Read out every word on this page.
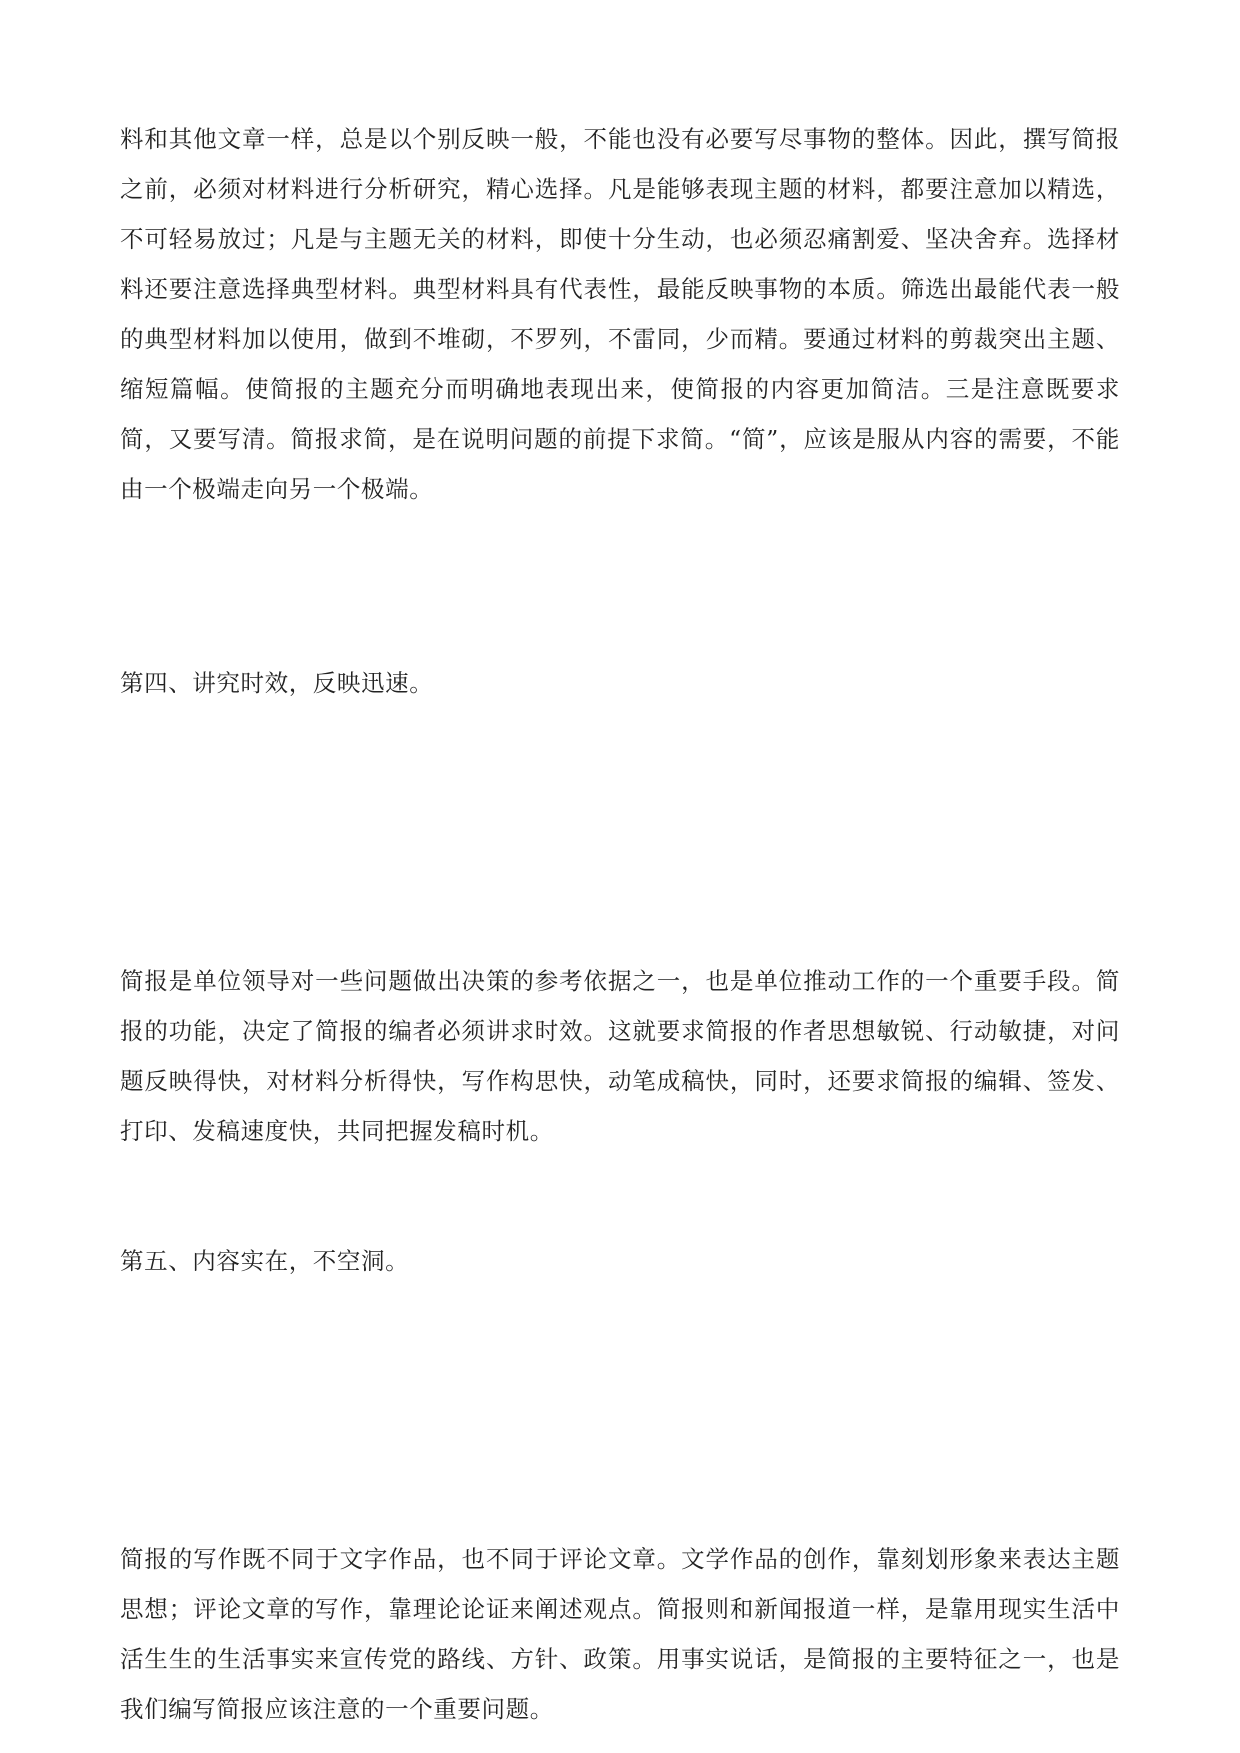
料和其他文章一样，总是以个别反映一般，不能也没有必要写尽事物的整体。因此，撰写简报之前，必须对材料进行分析研究，精心选择。凡是能够表现主题的材料，都要注意加以精选，不可轻易放过；凡是与主题无关的材料，即使十分生动，也必须忍痛割爱、坚决舍弃。选择材料还要注意选择典型材料。典型材料具有代表性，最能反映事物的本质。筛选出最能代表一般的典型材料加以使用，做到不堆砌，不罗列，不雷同，少而精。要通过材料的剪裁突出主题、缩短篇幅。使简报的主题充分而明确地表现出来，使简报的内容更加简洁。三是注意既要求简，又要写清。简报求简，是在说明问题的前提下求简。“简”，应该是服从内容的需要，不能由一个极端走向另一个极端。

第四、讲究时效，反映迅速。

简报是单位领导对一些问题做出决策的参考依据之一，也是单位推动工作的一个重要手段。简报的功能，决定了简报的编者必须讲求时效。这就要求简报的作者思想敏锐、行动敏捷，对问题反映得快，对材料分析得快，写作构思快，动笔成稿快，同时，还要求简报的编辑、签发、打印、发稿速度快，共同把握发稿时机。

第五、内容实在，不空洞。

简报的写作既不同于文字作品，也不同于评论文章。文学作品的创作，靠刻划形象来表达主题思想；评论文章的写作，靠理论论证来阐述观点。简报则和新闻报道一样，是靠用现实生活中活生生的生活事实来宣传党的路线、方针、政策。用事实说话，是简报的主要特征之一，也是我们编写简报应该注意的一个重要问题。
